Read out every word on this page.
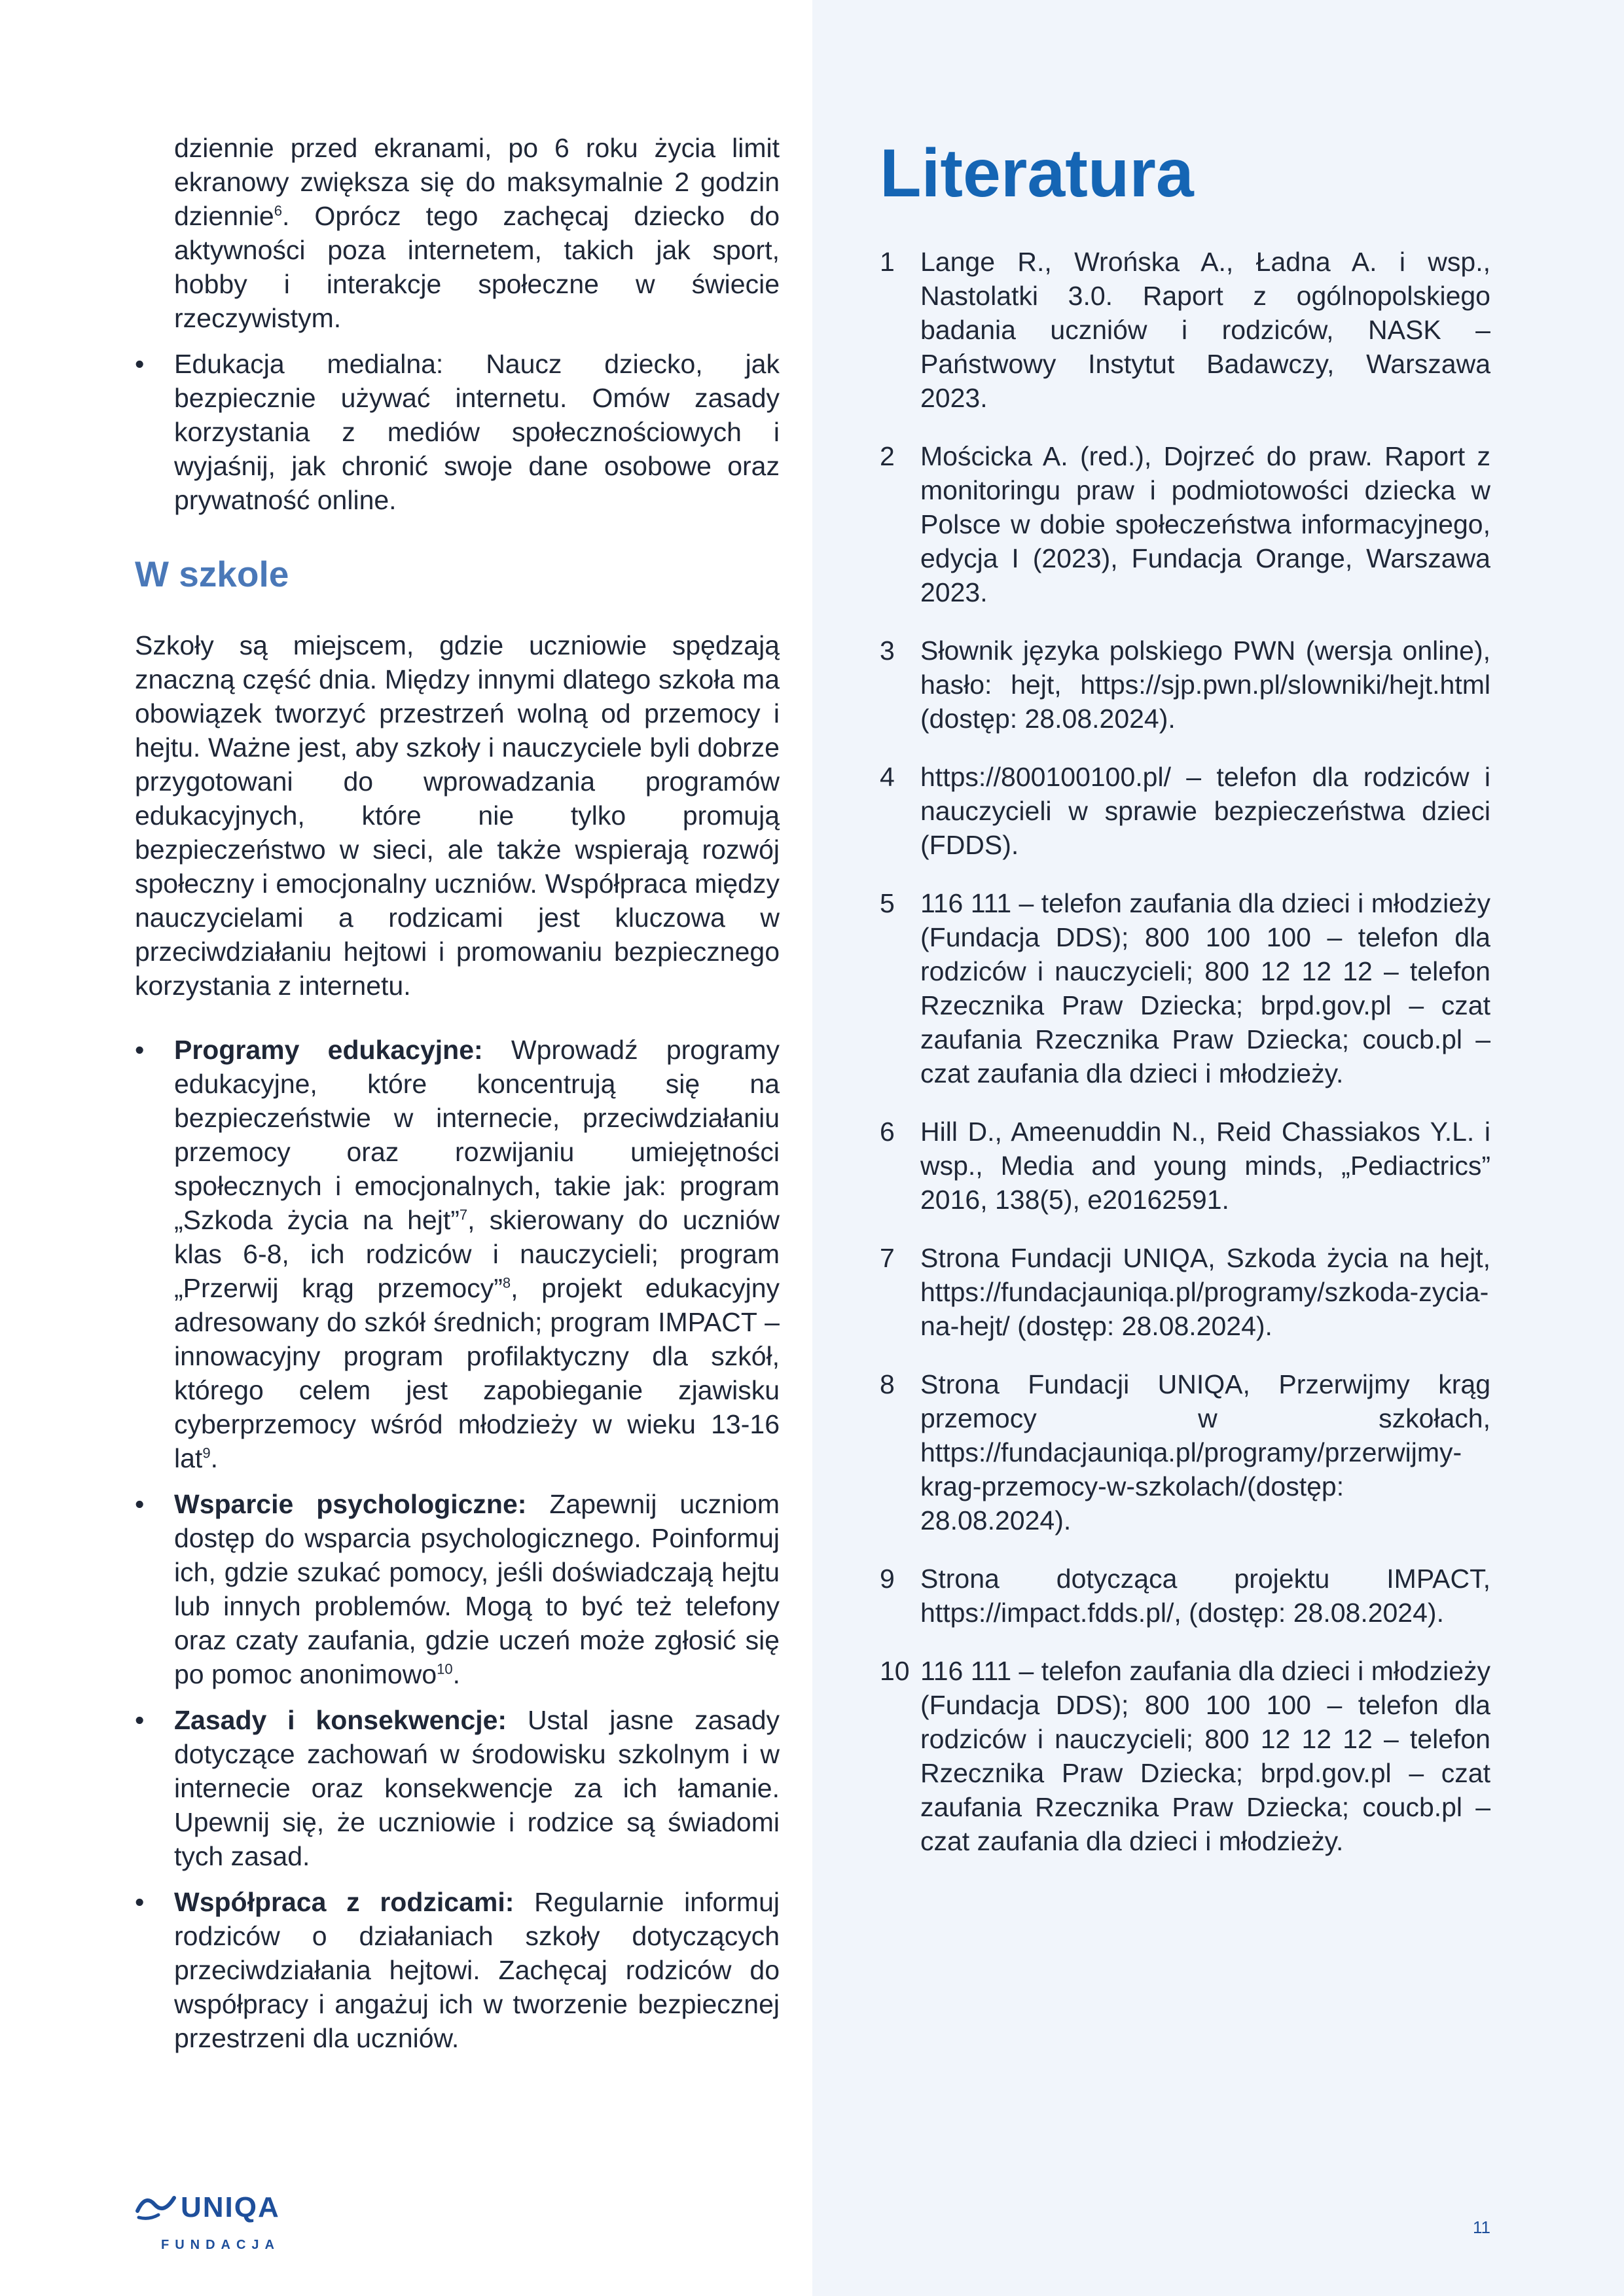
dziennie przed ekranami, po 6 roku życia limit ekranowy zwiększa się do maksymalnie 2 godzin dziennie$^6$. Oprócz tego zachęcaj dziecko do aktywności poza internetem, takich jak sport, hobby i interakcje społeczne w świecie rzeczywistym.
• Edukacja medialna: Naucz dziecko, jak bezpiecznie używać internetu. Omów zasady korzystania z mediów społecznościowych i wyjaśnij, jak chronić swoje dane osobowe oraz prywatność online.
W szkole

Szkoły są miejscem, gdzie uczniowie spędzają znaczną część dnia. Między innymi dlatego szkoła ma obowiązek tworzyć przestrzeń wolną od przemocy i hejtu. Ważne jest, aby szkoły i nauczyciele byli dobrze przygotowani do wprowadzania programów edukacyjnych, które nie tylko promują bezpieczeństwo w sieci, ale także wspierają rozwój społeczny i emocjonalny uczniów. Współpraca między nauczycielami a rodzicami jest kluczowa w przeciwdziałaniu hejtowi i promowaniu bezpiecznego korzystania z internetu.

• Programy edukacyjne: Wprowadź programy edukacyjne, które koncentrują się na bezpieczeństwie w internecie, przeciwdziałaniu przemocy oraz rozwijaniu umiejętności społecznych i emocjonalnych, takie jak: program „Szkoda życia na hejt”$^7$, skierowany do uczniów klas 6-8, ich rodziców i nauczycieli; program „Przerwij krąg przemocy”$^8$, projekt edukacyjny adresowany do szkół średnich; program IMPACT – innowacyjny program profilaktyczny dla szkół, którego celem jest zapobieganie zjawisku cyberprzemocy wśród młodzieży w wieku 13-16 lat$^9$.
• Wsparcie psychologiczne: Zapewnij uczniom dostęp do wsparcia psychologicznego. Poinformuj ich, gdzie szukać pomocy, jeśli doświadczają hejtu lub innych problemów. Mogą to być też telefony oraz czaty zaufania, gdzie uczeń może zgłosić się po pomoc anonimowo$^{10}$.
• Zasady i konsekwencje: Ustal jasne zasady dotyczące zachowań w środowisku szkolnym i w internecie oraz konsekwencje za ich łamanie. Upewnij się, że uczniowie i rodzice są świadomi tych zasad.
• Współpraca z rodzicami: Regularnie informuj rodziców o działaniach szkoły dotyczących przeciwdziałania hejtowi. Zachęcaj rodziców do współpracy i angażuj ich w tworzenie bezpiecznej przestrzeni dla uczniów.
Literatura
1 Lange R., Wrońska A., Ładna A. i wsp., Nastolatki 3.0. Raport z ogólnopolskiego badania uczniów i rodziców, NASK – Państwowy Instytut Badawczy, Warszawa 2023.
2 Mościcka A. (red.), Dojrzeć do praw. Raport z monitoringu praw i podmiotowości dziecka w Polsce w dobie społeczeństwa informacyjnego, edycja I (2023), Fundacja Orange, Warszawa 2023.
3 Słownik języka polskiego PWN (wersja online), hasło: hejt, https://sjp.pwn.pl/slowniki/hejt.html (dostęp: 28.08.2024).
4 https://800100100.pl/ – telefon dla rodziców i nauczycieli w sprawie bezpieczeństwa dzieci (FDDS).
5 116 111 – telefon zaufania dla dzieci i młodzieży (Fundacja DDS); 800 100 100 – telefon dla rodziców i nauczycieli; 800 12 12 12 – telefon Rzecznika Praw Dziecka; brpd.gov.pl – czat zaufania Rzecznika Praw Dziecka; coucb.pl – czat zaufania dla dzieci i młodzieży.
6 Hill D., Ameenuddin N., Reid Chassiakos Y.L. i wsp., Media and young minds, „Pediactrics” 2016, 138(5), e20162591.
7 Strona Fundacji UNIQA, Szkoda życia na hejt, https://fundacjauniqa.pl/programy/szkoda-zycia-na-hejt/ (dostęp: 28.08.2024).
8 Strona Fundacji UNIQA, Przerwijmy krąg przemocy w szkołach, https://fundacjauniqa.pl/programy/przerwijmy-krag-przemocy-w-szkolach/(dostęp: 28.08.2024).
9 Strona dotycząca projektu IMPACT, https://impact.fdds.pl/, (dostęp: 28.08.2024).
10 116 111 – telefon zaufania dla dzieci i młodzieży (Fundacja DDS); 800 100 100 – telefon dla rodziców i nauczycieli; 800 12 12 12 – telefon Rzecznika Praw Dziecka; brpd.gov.pl – czat zaufania Rzecznika Praw Dziecka; coucb.pl – czat zaufania dla dzieci i młodzieży.
UNIQA
FUNDACJA
11
